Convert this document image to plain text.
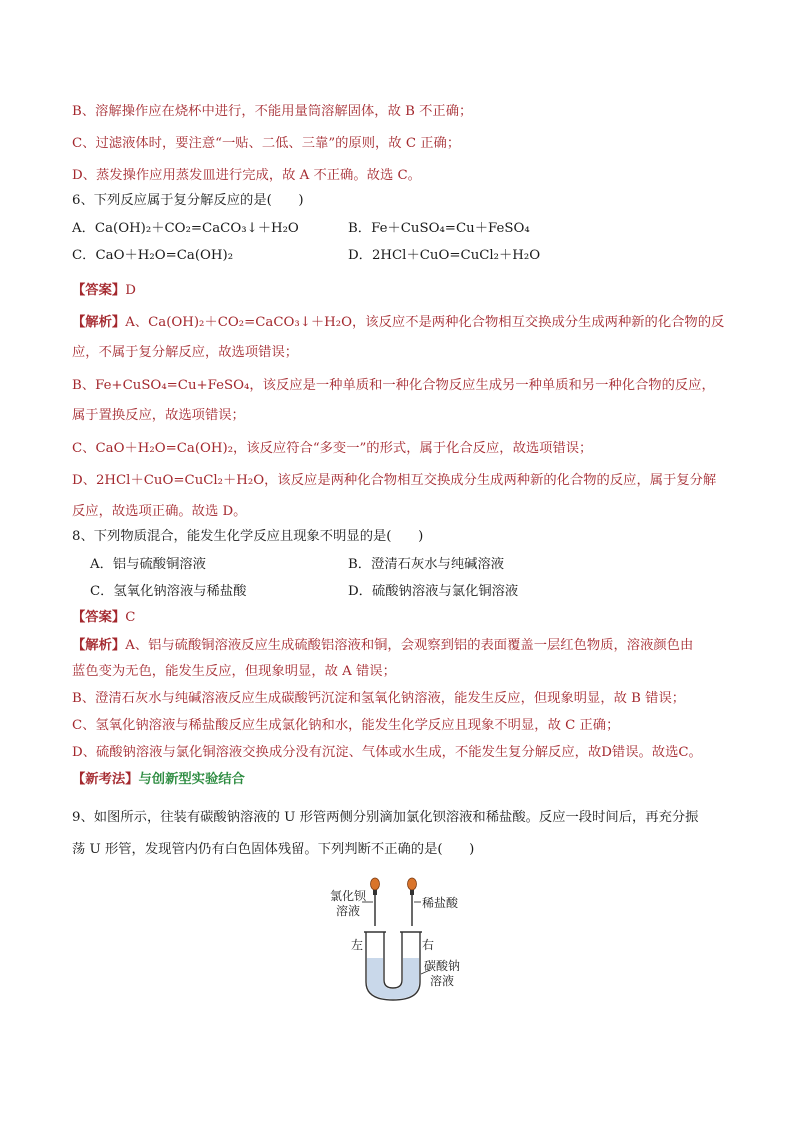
B、溶解操作应在烧杯中进行，不能用量筒溶解固体，故 B 不正确；
C、过滤液体时，要注意“一贴、二低、三靠”的原则，故 C 正确；
D、蒸发操作应用蒸发皿进行完成，故 A 不正确。故选 C。
6、下列反应属于复分解反应的是(　　)
A．Ca(OH)₂＋CO₂=CaCO₃↓＋H₂O	B．Fe＋CuSO₄=Cu＋FeSO₄
C．CaO＋H₂O=Ca(OH)₂	D．2HCl＋CuO=CuCl₂＋H₂O
【答案】D
【解析】A、Ca(OH)₂＋CO₂=CaCO₃↓＋H₂O，该反应不是两种化合物相互交换成分生成两种新的化合物的反
应，不属于复分解反应，故选项错误；
B、Fe+CuSO₄=Cu+FeSO₄，该反应是一种单质和一种化合物反应生成另一种单质和另一种化合物的反应，
属于置换反应，故选项错误；
C、CaO＋H₂O=Ca(OH)₂，该反应符合“多变一”的形式，属于化合反应，故选项错误；
D、2HCl＋CuO=CuCl₂＋H₂O，该反应是两种化合物相互交换成分生成两种新的化合物的反应，属于复分解
反应，故选项正确。故选 D。
8、下列物质混合，能发生化学反应且现象不明显的是(　　)
A．铝与硫酸铜溶液	B．澄清石灰水与纯碱溶液
C．氢氧化钠溶液与稀盐酸	D．硫酸钠溶液与氯化铜溶液
【答案】C
【解析】A、铝与硫酸铜溶液反应生成硫酸铝溶液和铜，会观察到铝的表面覆盖一层红色物质，溶液颜色由
蓝色变为无色，能发生反应，但现象明显，故 A 错误；
B、澄清石灰水与纯碱溶液反应生成碳酸钙沉淀和氢氧化钠溶液，能发生反应，但现象明显，故 B 错误；
C、氢氧化钠溶液与稀盐酸反应生成氯化钠和水，能发生化学反应且现象不明显，故 C 正确；
D、硫酸钠溶液与氯化铜溶液交换成分没有沉淀、气体或水生成，不能发生复分解反应，故D错误。故选C。
【新考法】与创新型实验结合
9、如图所示，往装有碳酸钠溶液的 U 形管两侧分别滴加氯化钡溶液和稀盐酸。反应一段时间后，再充分振
荡 U 形管，发现管内仍有白色固体残留。下列判断不正确的是(　　)
氯化钡
溶液
稀盐酸
左	右
碳酸钠
溶液
